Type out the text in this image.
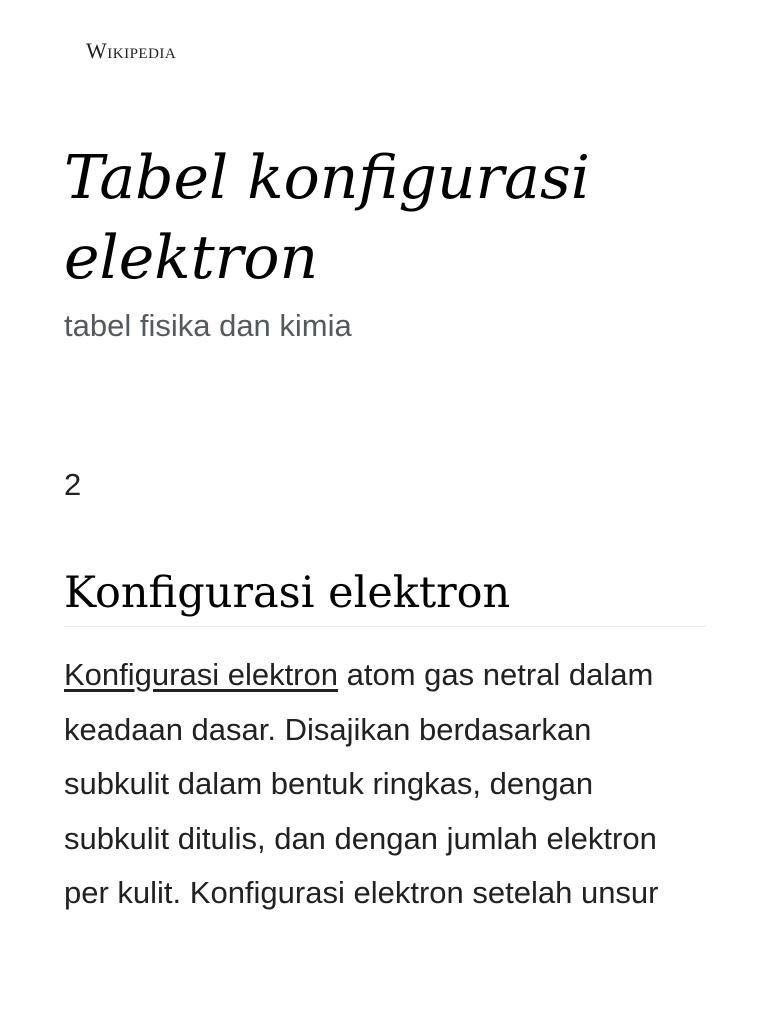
Wikipedia
Tabel konfigurasi elektron
tabel fisika dan kimia
2
Konfigurasi elektron

Konfigurasi elektron atom gas netral dalam keadaan dasar. Disajikan berdasarkan subkulit dalam bentuk ringkas, dengan subkulit ditulis, dan dengan jumlah elektron per kulit. Konfigurasi elektron setelah unsur
